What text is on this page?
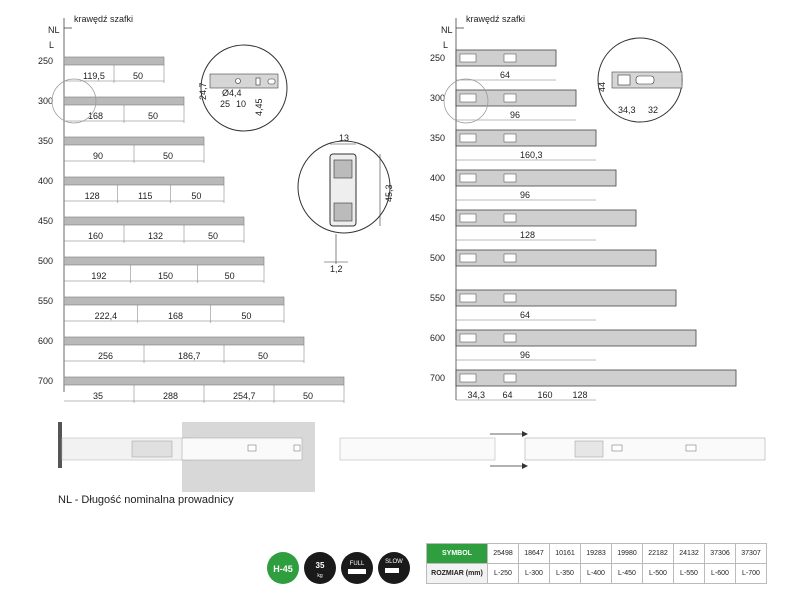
NL
L
krawędź szafki
250
119,5	50
300
168	50
350
90	50
400
128	115	50
450
160	132	50
500
192	150	50
550
222,4	168	50
600
256	186,7	50
700
35	288	254,7	50
24,7 Ø4,4
25 10 4,45
13
45,3
1,2
NL
L
krawędź szafki
250
64
300
96
350
160,3
400
96
450
128
500
550
64
600
96
700
34,3 64	160 128
44
34,3 32
NL - Długość nominalna prowadnicy
H-45	35
kg
FULL	SLOW
SYMBOL	25498	18647	10161	19283	19980	22182	24132	37306	37307
ROZMIAR (mm)	L-250	L-300	L-350	L-400	L-450	L-500	L-550	L-600	L-700
